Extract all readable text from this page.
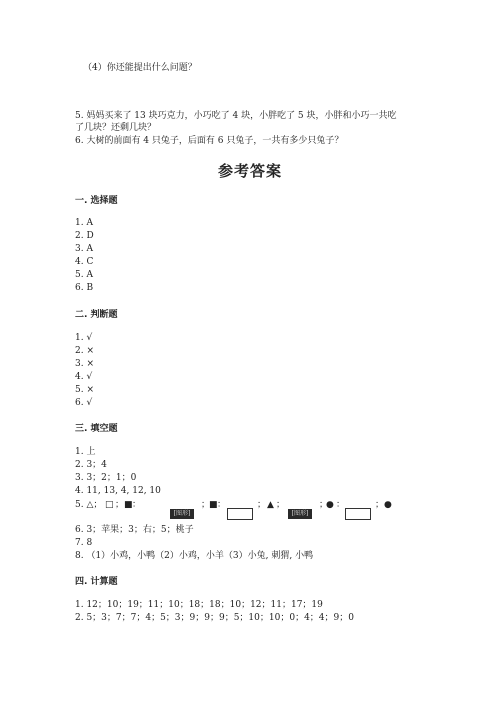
（4）你还能提出什么问题？
5. 妈妈买来了 13 块巧克力，小巧吃了 4 块，小胖吃了 5 块，小胖和小巧一共吃
了几块？还剩几块？
6. 大树的前面有 4 只兔子，后面有 6 只兔子，一共有多少只兔子？
参考答案
一. 选择题
1. A
2. D
3. A
4. C
5. A
6. B
二. 判断题
1. √
2. ×
3. ×
4. √
5. ×
6. √
三. 填空题
1. 上
2. 3；4
3. 3；2；1；0
4. 11, 13, 4, 12, 10
5. △； □ ； ■ ：
[图形]
；
■ ：	； ▲ ；
[图形]
；
● ：	； ●
6. 3；苹果；3；右；5；桃子
7. 8
8. （1）小鸡，小鸭（2）小鸡，小羊（3）小兔, 刺猬, 小鸭
四. 计算题
1. 12；10；19；11；10；18；18；10；12；11；17；19
2. 5；3；7；7；4；5；3；9；9；9；5；10；10；0；4；4；9；0
